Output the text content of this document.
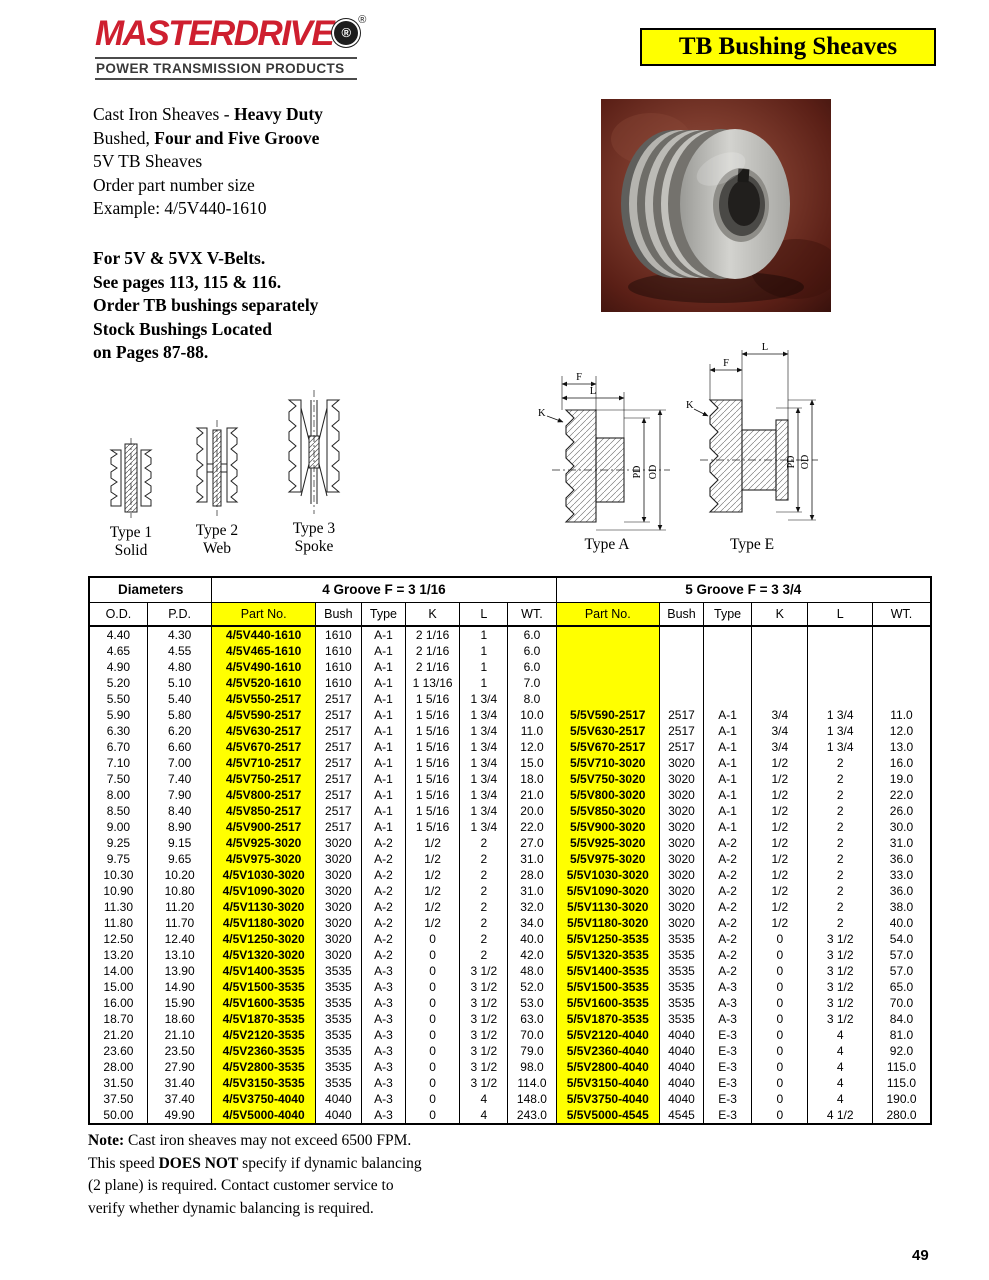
MASTERDRIVE ®®
POWER TRANSMISSION PRODUCTS
TB Bushing Sheaves
Cast Iron Sheaves - Heavy Duty
Bushed, Four and Five Groove
5V TB Sheaves
Order part number size
Example: 4/5V440-1610
For 5V & 5VX V-Belts.
See pages 113, 115 & 116.
Order TB bushings separately
Stock Bushings Located
on Pages 87-88.
Type 1
Solid
Type 2
Web
Type 3
Spoke
F
L
K
PD OD
Type A
L
F
K
PD OD
Type E
Diameters		4 Groove F = 3 1/16						5 Groove F = 3 3/4					
O.D.	P.D.	Part No.	Bush	Type	K	L	WT.	Part No.	Bush	Type	K	L	WT.
4.40	4.30	4/5V440-1610	1610	A-1	2 1/16	1	6.0						
4.65	4.55	4/5V465-1610	1610	A-1	2 1/16	1	6.0						
4.90	4.80	4/5V490-1610	1610	A-1	2 1/16	1	6.0						
5.20	5.10	4/5V520-1610	1610	A-1	1 13/16	1	7.0						
5.50	5.40	4/5V550-2517	2517	A-1	1 5/16	1 3/4	8.0						
5.90	5.80	4/5V590-2517	2517	A-1	1 5/16	1 3/4	10.0	5/5V590-2517	2517	A-1	3/4	1 3/4	11.0
6.30	6.20	4/5V630-2517	2517	A-1	1 5/16	1 3/4	11.0	5/5V630-2517	2517	A-1	3/4	1 3/4	12.0
6.70	6.60	4/5V670-2517	2517	A-1	1 5/16	1 3/4	12.0	5/5V670-2517	2517	A-1	3/4	1 3/4	13.0
7.10	7.00	4/5V710-2517	2517	A-1	1 5/16	1 3/4	15.0	5/5V710-3020	3020	A-1	1/2	2	16.0
7.50	7.40	4/5V750-2517	2517	A-1	1 5/16	1 3/4	18.0	5/5V750-3020	3020	A-1	1/2	2	19.0
8.00	7.90	4/5V800-2517	2517	A-1	1 5/16	1 3/4	21.0	5/5V800-3020	3020	A-1	1/2	2	22.0
8.50	8.40	4/5V850-2517	2517	A-1	1 5/16	1 3/4	20.0	5/5V850-3020	3020	A-1	1/2	2	26.0
9.00	8.90	4/5V900-2517	2517	A-1	1 5/16	1 3/4	22.0	5/5V900-3020	3020	A-1	1/2	2	30.0
9.25	9.15	4/5V925-3020	3020	A-2	1/2	2	27.0	5/5V925-3020	3020	A-2	1/2	2	31.0
9.75	9.65	4/5V975-3020	3020	A-2	1/2	2	31.0	5/5V975-3020	3020	A-2	1/2	2	36.0
10.30	10.20	4/5V1030-3020	3020	A-2	1/2	2	28.0	5/5V1030-3020	3020	A-2	1/2	2	33.0
10.90	10.80	4/5V1090-3020	3020	A-2	1/2	2	31.0	5/5V1090-3020	3020	A-2	1/2	2	36.0
11.30	11.20	4/5V1130-3020	3020	A-2	1/2	2	32.0	5/5V1130-3020	3020	A-2	1/2	2	38.0
11.80	11.70	4/5V1180-3020	3020	A-2	1/2	2	34.0	5/5V1180-3020	3020	A-2	1/2	2	40.0
12.50	12.40	4/5V1250-3020	3020	A-2	0	2	40.0	5/5V1250-3535	3535	A-2	0	3 1/2	54.0
13.20	13.10	4/5V1320-3020	3020	A-2	0	2	42.0	5/5V1320-3535	3535	A-2	0	3 1/2	57.0
14.00	13.90	4/5V1400-3535	3535	A-3	0	3 1/2	48.0	5/5V1400-3535	3535	A-2	0	3 1/2	57.0
15.00	14.90	4/5V1500-3535	3535	A-3	0	3 1/2	52.0	5/5V1500-3535	3535	A-3	0	3 1/2	65.0
16.00	15.90	4/5V1600-3535	3535	A-3	0	3 1/2	53.0	5/5V1600-3535	3535	A-3	0	3 1/2	70.0
18.70	18.60	4/5V1870-3535	3535	A-3	0	3 1/2	63.0	5/5V1870-3535	3535	A-3	0	3 1/2	84.0
21.20	21.10	4/5V2120-3535	3535	A-3	0	3 1/2	70.0	5/5V2120-4040	4040	E-3	0	4	81.0
23.60	23.50	4/5V2360-3535	3535	A-3	0	3 1/2	79.0	5/5V2360-4040	4040	E-3	0	4	92.0
28.00	27.90	4/5V2800-3535	3535	A-3	0	3 1/2	98.0	5/5V2800-4040	4040	E-3	0	4	115.0
31.50	31.40	4/5V3150-3535	3535	A-3	0	3 1/2	114.0	5/5V3150-4040	4040	E-3	0	4	115.0
37.50	37.40	4/5V3750-4040	4040	A-3	0	4	148.0	5/5V3750-4040	4040	E-3	0	4	190.0
50.00	49.90	4/5V5000-4040	4040	A-3	0	4	243.0	5/5V5000-4545	4545	E-3	0	4 1/2	280.0
Note: Cast iron sheaves may not exceed 6500 FPM.
This speed DOES NOT specify if dynamic balancing
(2 plane) is required. Contact customer service to
verify whether dynamic balancing is required.
49
